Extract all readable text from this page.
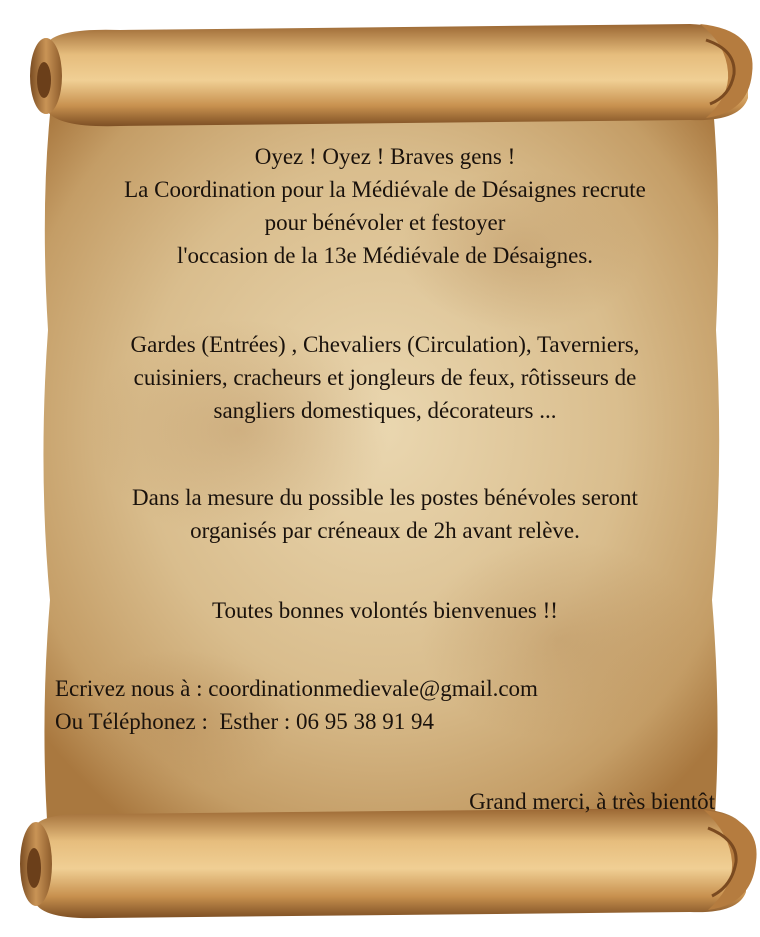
Oyez ! Oyez ! Braves gens !
La Coordination pour la Médiévale de Désaignes recrute
pour bénévoler et festoyer
l'occasion de la 13e Médiévale de Désaignes.
Gardes (Entrées) , Chevaliers (Circulation), Taverniers,
cuisiniers, cracheurs et jongleurs de feux, rôtisseurs de
sangliers domestiques, décorateurs ...
Dans la mesure du possible les postes bénévoles seront
organisés par créneaux de 2h avant relève.
Toutes bonnes volontés bienvenues !!
Ecrivez nous à : coordinationmedievale@gmail.com
Ou Téléphonez :  Esther : 06 95 38 91 94
Grand merci, à très bientôt
